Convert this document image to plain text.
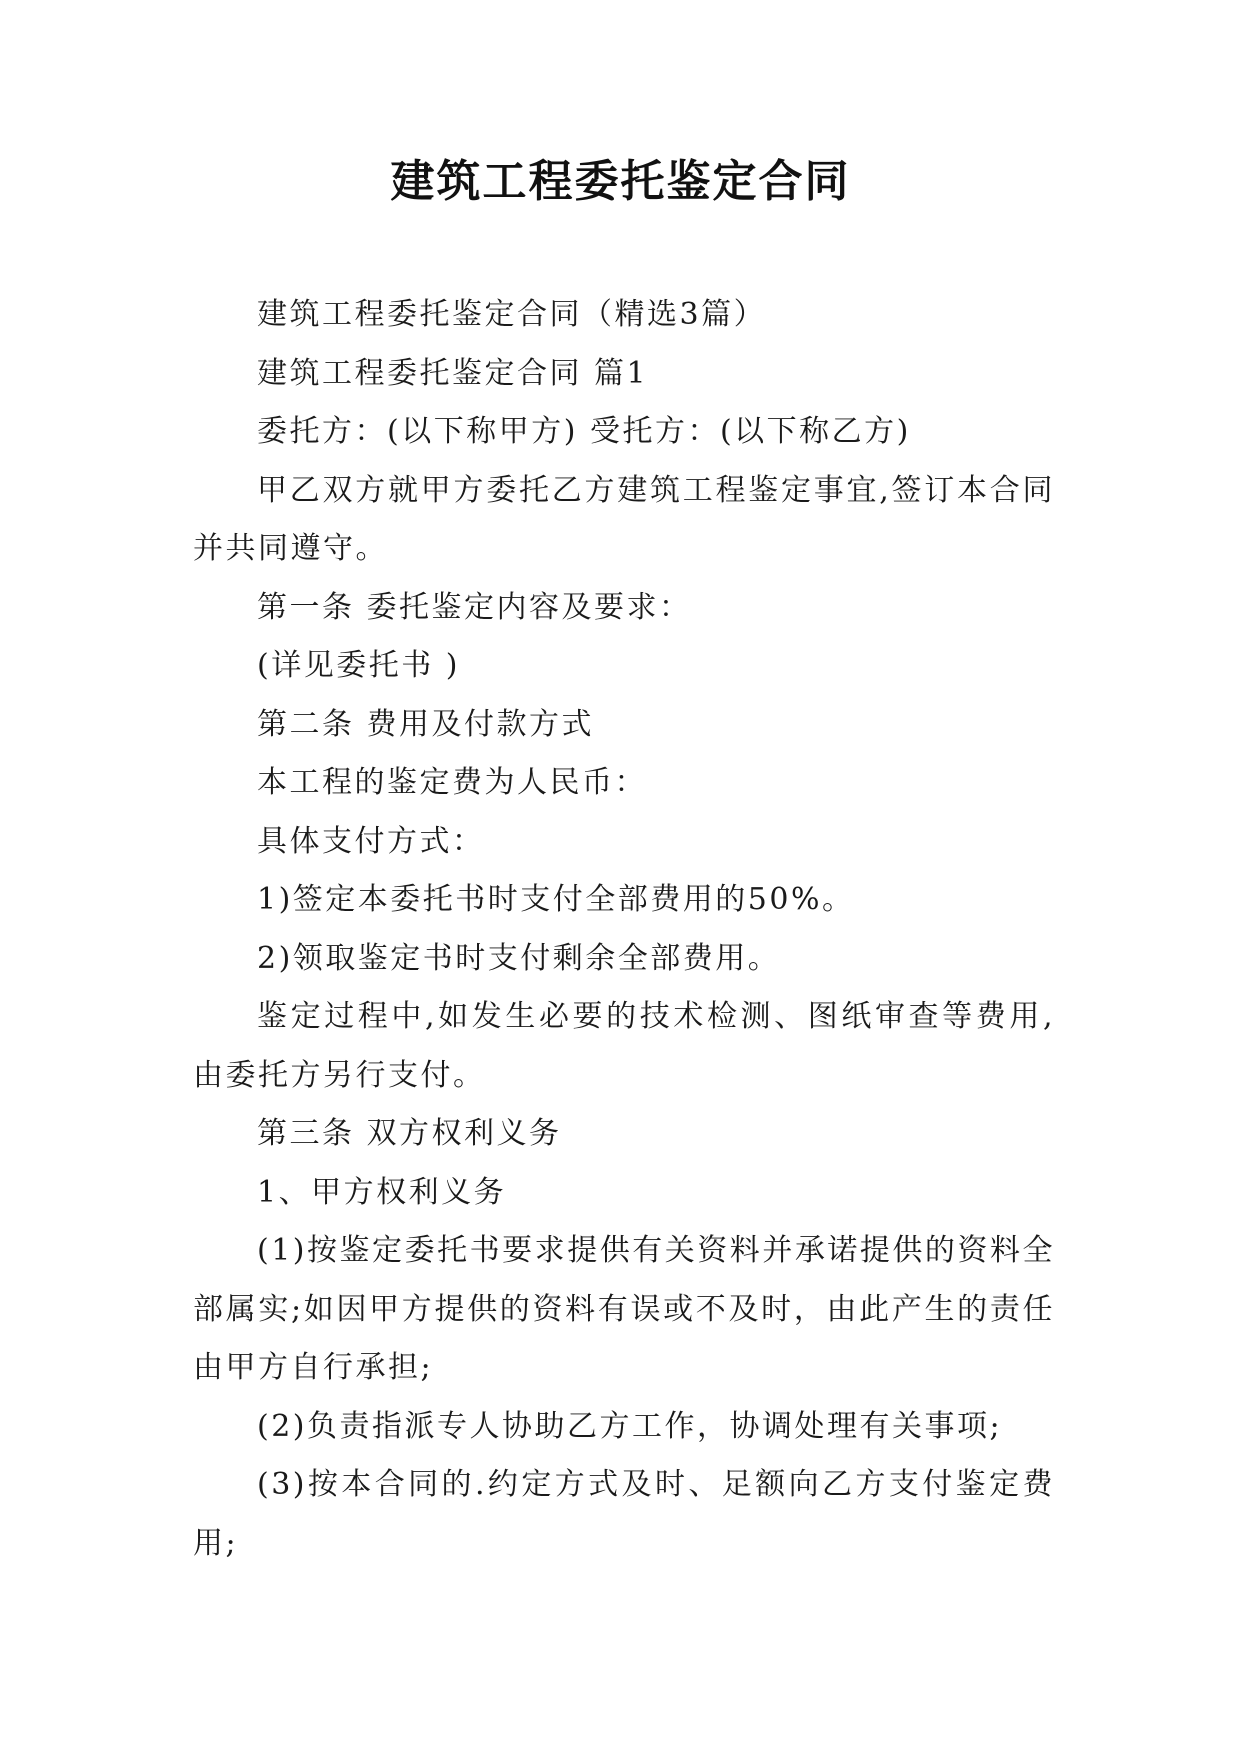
建筑工程委托鉴定合同

建筑工程委托鉴定合同（精选3篇）

建筑工程委托鉴定合同 篇1

委托方：(以下称甲方) 受托方：(以下称乙方)

甲乙双方就甲方委托乙方建筑工程鉴定事宜,签订本合同并共同遵守。

第一条 委托鉴定内容及要求：

(详见委托书 )

第二条 费用及付款方式

本工程的鉴定费为人民币：

具体支付方式：

1)签定本委托书时支付全部费用的50%。

2)领取鉴定书时支付剩余全部费用。

鉴定过程中,如发生必要的技术检测、图纸审查等费用,由委托方另行支付。

第三条 双方权利义务

1、甲方权利义务

(1)按鉴定委托书要求提供有关资料并承诺提供的资料全部属实;如因甲方提供的资料有误或不及时，由此产生的责任由甲方自行承担;

(2)负责指派专人协助乙方工作，协调处理有关事项;

(3)按本合同的.约定方式及时、足额向乙方支付鉴定费用;
